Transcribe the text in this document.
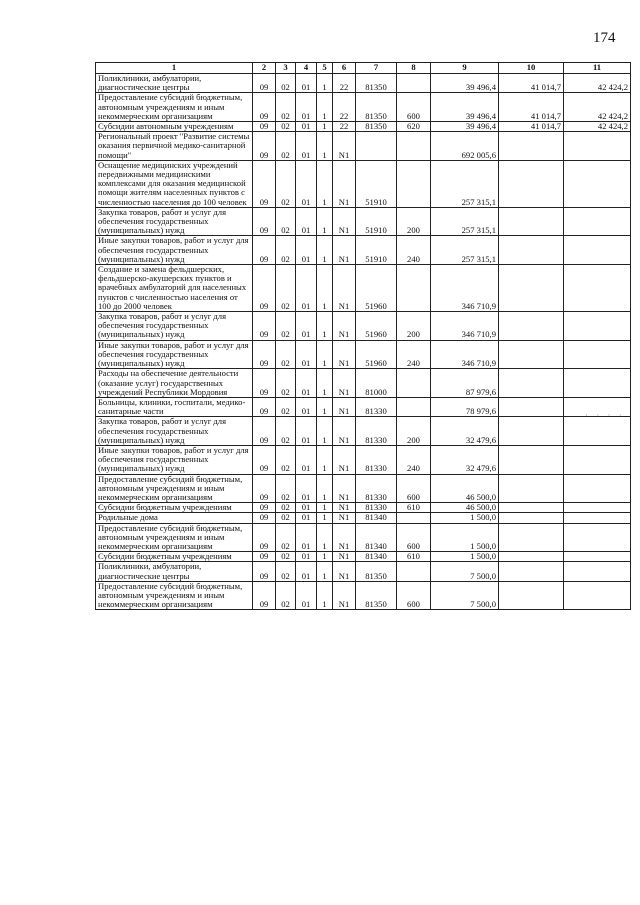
174
1	2	3	4	5	6	7	8	9	10	11
Поликлиники, амбулатории, диагностические центры	09	02	01	1	22	81350		39 496,4	41 014,7	42 424,2
Предоставление субсидий бюджетным, автономным учреждениям и иным некоммерческим организациям	09	02	01	1	22	81350	600	39 496,4	41 014,7	42 424,2
Субсидии автономным учреждениям	09	02	01	1	22	81350	620	39 496,4	41 014,7	42 424,2
Региональный проект "Развитие системы оказания первичной медико-санитарной помощи"	09	02	01	1	N1			692 005,6		
Оснащение медицинских учреждений передвижными медицинскими комплексами для оказания медицинской помощи жителям населенных пунктов с численностью населения до 100 человек	09	02	01	1	N1	51910		257 315,1		
Закупка товаров, работ и услуг для обеспечения государственных (муниципальных) нужд	09	02	01	1	N1	51910	200	257 315,1		
Иные закупки товаров, работ и услуг для обеспечения государственных (муниципальных) нужд	09	02	01	1	N1	51910	240	257 315,1		
Создание и замена фельдшерских, фельдшерско-акушерских пунктов и врачебных амбулаторий для населенных пунктов с численностью населения от 100 до 2000 человек	09	02	01	1	N1	51960		346 710,9		
Закупка товаров, работ и услуг для обеспечения государственных (муниципальных) нужд	09	02	01	1	N1	51960	200	346 710,9		
Иные закупки товаров, работ и услуг для обеспечения государственных (муниципальных) нужд	09	02	01	1	N1	51960	240	346 710,9		
Расходы на обеспечение деятельности (оказание услуг) государственных учреждений Республики Мордовия	09	02	01	1	N1	81000		87 979,6		
Больницы, клиники, госпитали, медико-санитарные части	09	02	01	1	N1	81330		78 979,6		
Закупка товаров, работ и услуг для обеспечения государственных (муниципальных) нужд	09	02	01	1	N1	81330	200	32 479,6		
Иные закупки товаров, работ и услуг для обеспечения государственных (муниципальных) нужд	09	02	01	1	N1	81330	240	32 479,6		
Предоставление субсидий бюджетным, автономным учреждениям и иным некоммерческим организациям	09	02	01	1	N1	81330	600	46 500,0		
Субсидии бюджетным учреждениям	09	02	01	1	N1	81330	610	46 500,0		
Родильные дома	09	02	01	1	N1	81340		1 500,0		
Предоставление субсидий бюджетным, автономным учреждениям и иным некоммерческим организациям	09	02	01	1	N1	81340	600	1 500,0		
Субсидии бюджетным учреждениям	09	02	01	1	N1	81340	610	1 500,0		
Поликлиники, амбулатории, диагностические центры	09	02	01	1	N1	81350		7 500,0		
Предоставление субсидий бюджетным, автономным учреждениям и иным некоммерческим организациям	09	02	01	1	N1	81350	600	7 500,0		
· · · ·
